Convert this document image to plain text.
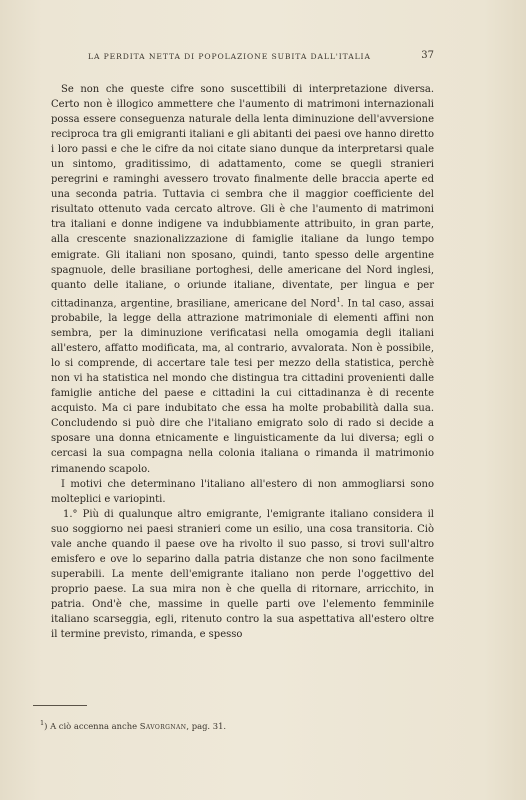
LA PERDITA NETTA DI POPOLAZIONE SUBITA DALL'ITALIA	37

Se non che queste cifre sono suscettibili di interpretazione diversa. Certo non è illogico ammettere che l'aumento di matrimoni internazionali possa essere conseguenza naturale della lenta diminuzione dell'avversione reciproca tra gli emigranti italiani e gli abitanti dei paesi ove hanno diretto i loro passi e che le cifre da noi citate siano dunque da interpretarsi quale un sintomo, graditissimo, di adattamento, come se quegli stranieri peregrini e raminghi avessero trovato finalmente delle braccia aperte ed una seconda patria. Tuttavia ci sembra che il maggior coefficiente del risultato ottenuto vada cercato altrove. Gli è che l'aumento di matrimoni tra italiani e donne indigene va indubbiamente attribuito, in gran parte, alla crescente snazionalizzazione di famiglie italiane da lungo tempo emigrate. Gli italiani non sposano, quindi, tanto spesso delle argentine spagnuole, delle brasiliane portoghesi, delle americane del Nord inglesi, quanto delle italiane, o oriunde italiane, diventate, per lingua e per cittadinanza, argentine, brasiliane, americane del Nord$^1$. In tal caso, assai probabile, la legge della attrazione matrimoniale di elementi affini non sembra, per la diminuzione verificatasi nella omogamia degli italiani all'estero, affatto modificata, ma, al contrario, avvalorata. Non è possibile, lo si comprende, di accertare tale tesi per mezzo della statistica, perchè non vi ha statistica nel mondo che distingua tra cittadini provenienti dalle famiglie antiche del paese e cittadini la cui cittadinanza è di recente acquisto. Ma ci pare indubitato che essa ha molte probabilità dalla sua. Concludendo si può dire che l'italiano emigrato solo di rado si decide a sposare una donna etnicamente e linguisticamente da lui diversa; egli o cercasi la sua compagna nella colonia italiana o rimanda il matrimonio rimanendo scapolo.

I motivi che determinano l'italiano all'estero di non ammogliarsi sono molteplici e variopinti.

1.° Più di qualunque altro emigrante, l'emigrante italiano considera il suo soggiorno nei paesi stranieri come un esilio, una cosa transitoria. Ciò vale anche quando il paese ove ha rivolto il suo passo, si trovi sull'altro emisfero e ove lo separino dalla patria distanze che non sono facilmente superabili. La mente dell'emigrante italiano non perde l'oggettivo del proprio paese. La sua mira non è che quella di ritornare, arricchito, in patria. Ond'è che, massime in quelle parti ove l'elemento femminile italiano scarseggia, egli, ritenuto contro la sua aspettativa all'estero oltre il termine previsto, rimanda, e spesso

$^1$) A ciò accenna anche Savorgnan, pag. 31.
